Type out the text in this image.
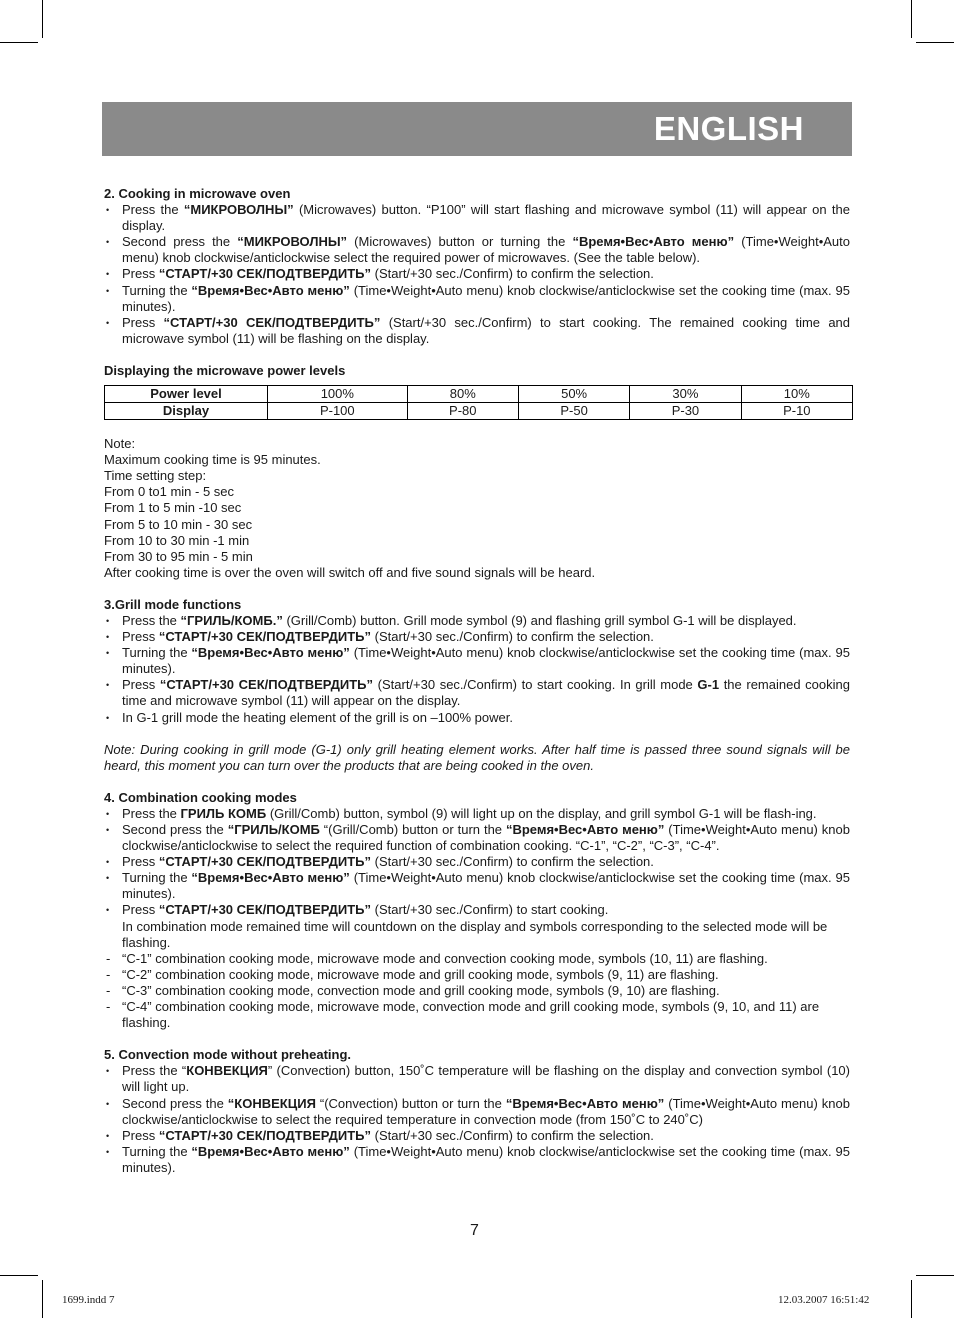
ENGLISH
2. Cooking in microwave oven
• Press the “МИКРОВОЛНЫ” (Microwaves) button. “P100” will start flashing and microwave symbol (11) will appear on the display.
• Second press the “МИКРОВОЛНЫ” (Microwaves) button or turning the “Время•Вес•Авто меню” (Time•Weight•Auto menu) knob clockwise/anticlockwise select the required power of microwaves. (See the table below).
• Press “СТАРТ/+30 СЕК/ПОДТВЕРДИТЬ” (Start/+30 sec./Confirm) to confirm the selection.
• Turning the “Время•Вес•Авто меню” (Time•Weight•Auto menu) knob clockwise/anticlockwise set the cooking time (max. 95 minutes).
• Press “СТАРТ/+30 СЕК/ПОДТВЕРДИТЬ” (Start/+30 sec./Confirm) to start cooking. The remained cooking time and microwave symbol (11) will be flashing on the display.
Displaying the microwave power levels
Power level	100%	80%	50%	30%	10%
Display	P-100	P-80	P-50	P-30	P-10
Note:
Maximum cooking time is 95 minutes.
Time setting step:
From 0 to1 min - 5 sec
From 1 to 5 min -10 sec
From 5 to 10 min - 30 sec
From 10 to 30 min -1 min
From 30 to 95 min - 5 min
After cooking time is over the oven will switch off and five sound signals will be heard.
3.Grill mode functions
• Press the “ГРИЛЬ/КОМБ.” (Grill/Comb) button. Grill mode symbol (9) and flashing grill symbol G-1 will be displayed.
• Press “СТАРТ/+30 СЕК/ПОДТВЕРДИТЬ” (Start/+30 sec./Confirm) to confirm the selection.
• Turning the “Время•Вес•Авто меню” (Time•Weight•Auto menu) knob clockwise/anticlockwise set the cooking time (max. 95 minutes).
• Press “СТАРТ/+30 СЕК/ПОДТВЕРДИТЬ” (Start/+30 sec./Confirm) to start cooking. In grill mode G-1 the remained cooking time and microwave symbol (11) will appear on the display.
• In G-1 grill mode the heating element of the grill is on –100% power.
Note: During cooking in grill mode (G-1) only grill heating element works. After half time is passed three sound signals will be heard, this moment you can turn over the products that are being cooked in the oven.
4. Combination cooking modes
• Press the ГРИЛЬ КОМБ (Grill/Comb) button, symbol (9) will light up on the display, and grill symbol G-1 will be flash-ing.
• Second press the “ГРИЛЬ/КОМБ “(Grill/Comb) button or turn the “Время•Вес•Авто меню” (Time•Weight•Auto menu) knob clockwise/anticlockwise to select the required function of combination cooking. “C-1”, “C-2”, “C-3”, “C-4”.
• Press “СТАРТ/+30 СЕК/ПОДТВЕРДИТЬ” (Start/+30 sec./Confirm) to confirm the selection.
• Turning the “Время•Вес•Авто меню” (Time•Weight•Auto menu) knob clockwise/anticlockwise set the cooking time (max. 95 minutes).
• Press “СТАРТ/+30 СЕК/ПОДТВЕРДИТЬ” (Start/+30 sec./Confirm) to start cooking.
In combination mode remained time will countdown on the display and symbols corresponding to the selected mode will be flashing.
- “C-1” combination cooking mode, microwave mode and convection cooking mode, symbols (10, 11) are flashing.
- “C-2” combination cooking mode, microwave mode and grill cooking mode, symbols (9, 11) are flashing.
- “C-3” combination cooking mode, convection mode and grill cooking mode, symbols (9, 10) are flashing.
- “C-4” combination cooking mode, microwave mode, convection mode and grill cooking mode, symbols (9, 10, and 11) are flashing.
5. Convection mode without preheating.
• Press the “КОНВЕКЦИЯ” (Convection) button, 150˚C temperature will be flashing on the display and convection symbol (10) will light up.
• Second press the “КОНВЕКЦИЯ “(Convection) button or turn the “Время•Вес•Авто меню” (Time•Weight•Auto menu) knob clockwise/anticlockwise to select the required temperature in convection mode (from 150˚C to 240˚C)
• Press “СТАРТ/+30 СЕК/ПОДТВЕРДИТЬ” (Start/+30 sec./Confirm) to confirm the selection.
• Turning the “Время•Вес•Авто меню” (Time•Weight•Auto menu) knob clockwise/anticlockwise set the cooking time (max. 95 minutes).
7
1699.indd 7	12.03.2007 16:51:42
